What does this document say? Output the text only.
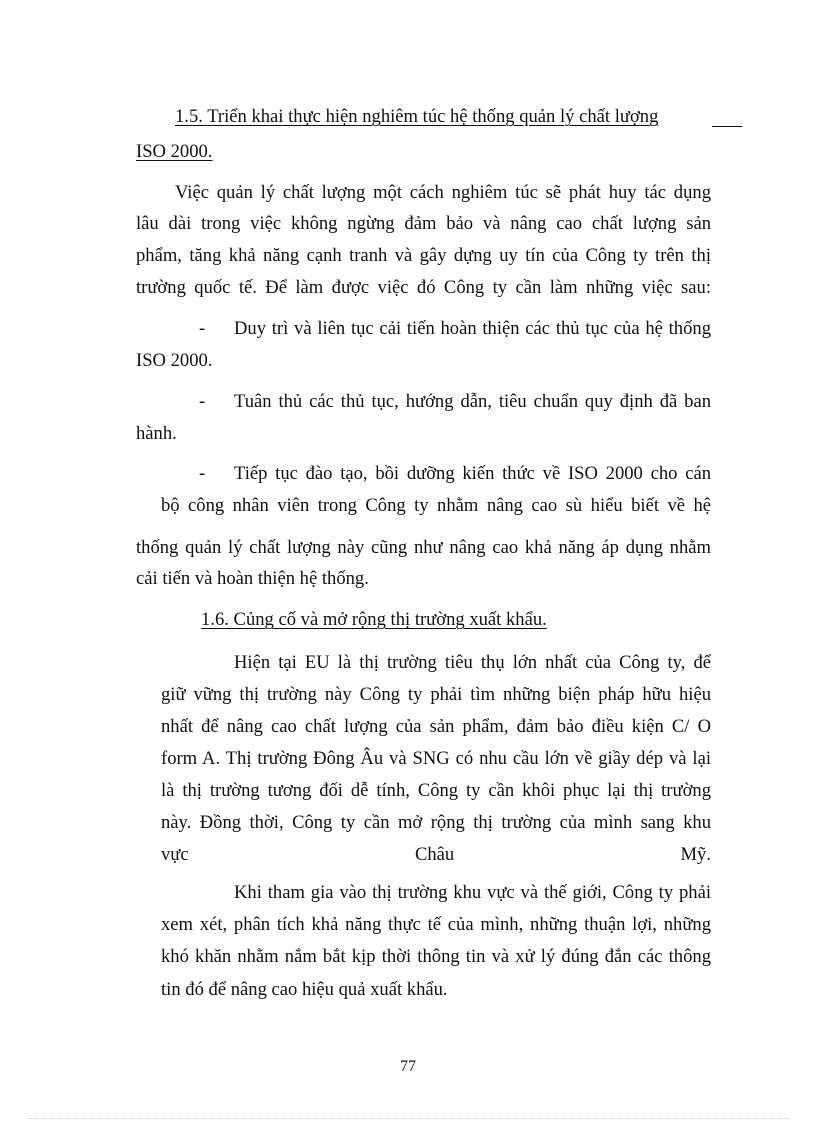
1.5. Triển khai thực hiện nghiêm túc hệ thống quản lý chất lượng
ISO 2000.
Việc quản lý chất lượng một cách nghiêm túc sẽ phát huy tác dụng
lâu dài trong việc không ngừng đảm bảo và nâng cao chất lượng sản
phẩm, tăng khả năng cạnh tranh và gây dựng uy tín của Công ty trên thị
trường quốc tế. Để làm được việc đó Công ty cần làm những việc sau:
- Duy trì và liên tục cải tiến hoàn thiện các thủ tục của hệ thống
ISO 2000.
- Tuân thủ các thủ tục, hướng dẫn, tiêu chuẩn quy định đã ban
hành.
- Tiếp tục đào tạo, bồi dưỡng kiến thức về ISO 2000 cho cán
bộ công nhân viên trong Công ty nhằm nâng cao sù hiểu biết về hệ
thống quản lý chất lượng này cũng như nâng cao khả năng áp dụng nhằm
cải tiến và hoàn thiện hệ thống.
1.6. Củng cố và mở rộng thị trường xuất khẩu.
Hiện tại EU là thị trường tiêu thụ lớn nhất của Công ty, để
giữ vững thị trường này Công ty phải tìm những biện pháp hữu hiệu
nhất để nâng cao chất lượng của sản phẩm, đảm bảo điều kiện C/ O
form A. Thị trường Đông Âu và SNG có nhu cầu lớn về giầy dép và lại
là thị trường tương đối dễ tính, Công ty cần khôi phục lại thị trường
này. Đồng thời, Công ty cần mở rộng thị trường của mình sang khu
vực	Châu	Mỹ.
Khi tham gia vào thị trường khu vực và thế giới, Công ty phải
xem xét, phân tích khả năng thực tế của mình, những thuận lợi, những
khó khăn nhằm nắm bắt kịp thời thông tin và xử lý đúng đắn các thông
tin đó để nâng cao hiệu quả xuất khẩu.
77
